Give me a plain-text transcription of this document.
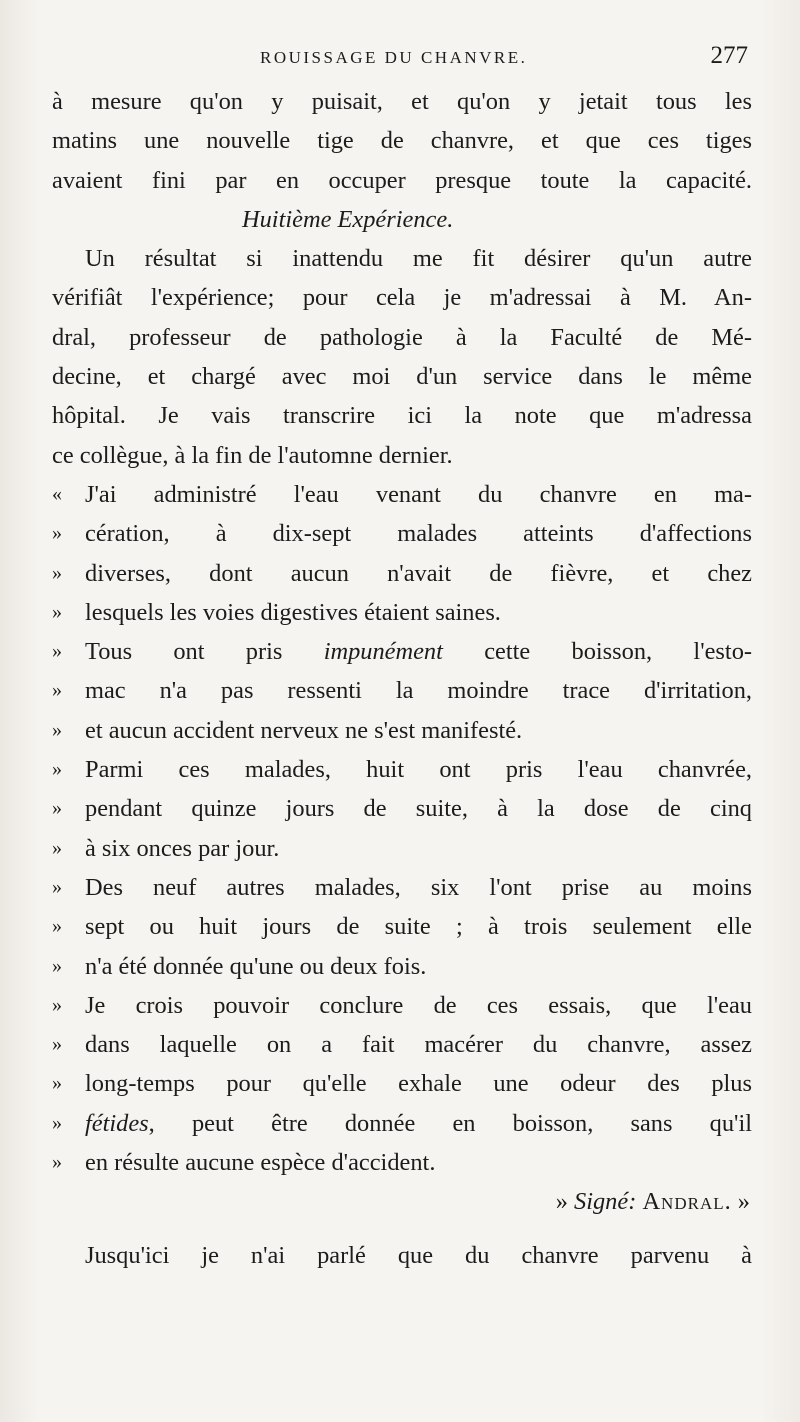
ROUISSAGE DU CHANVRE.	277
à mesure qu'on y puisait, et qu'on y jetait tous les
matins une nouvelle tige de chanvre, et que ces tiges
avaient fini par en occuper presque toute la capacité.
Huitième Expérience.
Un résultat si inattendu me fit désirer qu'un autre
vérifiât l'expérience; pour cela je m'adressai à M. An-
dral, professeur de pathologie à la Faculté de Mé-
decine, et chargé avec moi d'un service dans le même
hôpital. Je vais transcrire ici la note que m'adressa
ce collègue, à la fin de l'automne dernier.
« J'ai administré l'eau venant du chanvre en ma-
» cération, à dix-sept malades atteints d'affections
» diverses, dont aucun n'avait de fièvre, et chez
» lesquels les voies digestives étaient saines.
» Tous ont pris impunément cette boisson, l'esto-
» mac n'a pas ressenti la moindre trace d'irritation,
» et aucun accident nerveux ne s'est manifesté.
» Parmi ces malades, huit ont pris l'eau chanvrée,
» pendant quinze jours de suite, à la dose de cinq
» à six onces par jour.
» Des neuf autres malades, six l'ont prise au moins
» sept ou huit jours de suite ; à trois seulement elle
» n'a été donnée qu'une ou deux fois.
» Je crois pouvoir conclure de ces essais, que l'eau
» dans laquelle on a fait macérer du chanvre, assez
» long-temps pour qu'elle exhale une odeur des plus
» fétides, peut être donnée en boisson, sans qu'il
» en résulte aucune espèce d'accident.
» Signé: Andral. »
Jusqu'ici je n'ai parlé que du chanvre parvenu à
